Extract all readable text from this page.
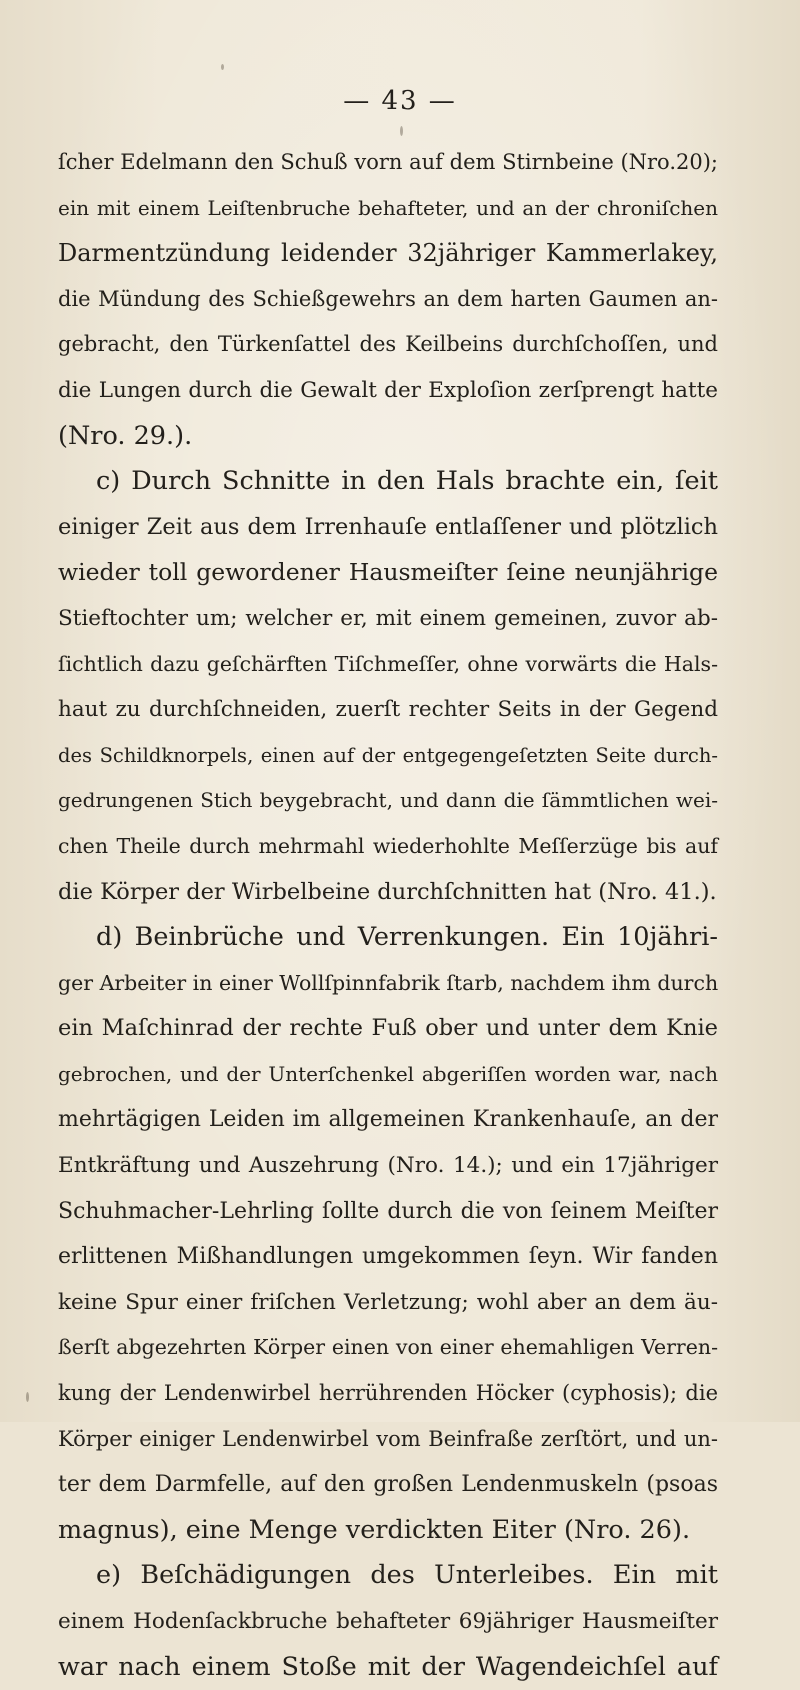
— 43 —
ſcher Edelmann den Schuß vorn auf dem Stirnbeine (Nro.20);
ein mit einem Leiſtenbruche behafteter, und an der chroniſchen
Darmentzündung leidender 32jähriger Kammerlakey,
die Mündung des Schießgewehrs an dem harten Gaumen an-
gebracht, den Türkenſattel des Keilbeins durchſchoſſen, und
die Lungen durch die Gewalt der Exploſion zerſprengt hatte
(Nro. 29.).
c) Durch Schnitte in den Hals brachte ein, ſeit
einiger Zeit aus dem Irrenhauſe entlaſſener und plötzlich
wieder toll gewordener Hausmeiſter ſeine neunjährige
Stieftochter um; welcher er, mit einem gemeinen, zuvor ab-
ſichtlich dazu geſchärften Tiſchmeſſer, ohne vorwärts die Hals-
haut zu durchſchneiden, zuerſt rechter Seits in der Gegend
des Schildknorpels, einen auf der entgegengeſetzten Seite durch-
gedrungenen Stich beygebracht, und dann die ſämmtlichen wei-
chen Theile durch mehrmahl wiederhohlte Meſſerzüge bis auf
die Körper der Wirbelbeine durchſchnitten hat (Nro. 41.).
d) Beinbrüche und Verrenkungen. Ein 10jähri-
ger Arbeiter in einer Wollſpinnfabrik ſtarb, nachdem ihm durch
ein Maſchinrad der rechte Fuß ober und unter dem Knie
gebrochen, und der Unterſchenkel abgeriſſen worden war, nach
mehrtägigen Leiden im allgemeinen Krankenhauſe, an der
Entkräftung und Auszehrung (Nro. 14.); und ein 17jähriger
Schuhmacher-Lehrling ſollte durch die von ſeinem Meiſter
erlittenen Mißhandlungen umgekommen ſeyn. Wir fanden
keine Spur einer friſchen Verletzung; wohl aber an dem äu-
ßerſt abgezehrten Körper einen von einer ehemahligen Verren-
kung der Lendenwirbel herrührenden Höcker (cyphosis); die
Körper einiger Lendenwirbel vom Beinfraße zerſtört, und un-
ter dem Darmfelle, auf den großen Lendenmuskeln (psoas
magnus), eine Menge verdickten Eiter (Nro. 26).
e) Beſchädigungen des Unterleibes. Ein mit
einem Hodenſackbruche behafteter 69jähriger Hausmeiſter
war nach einem Stoße mit der Wagendeichſel auf
